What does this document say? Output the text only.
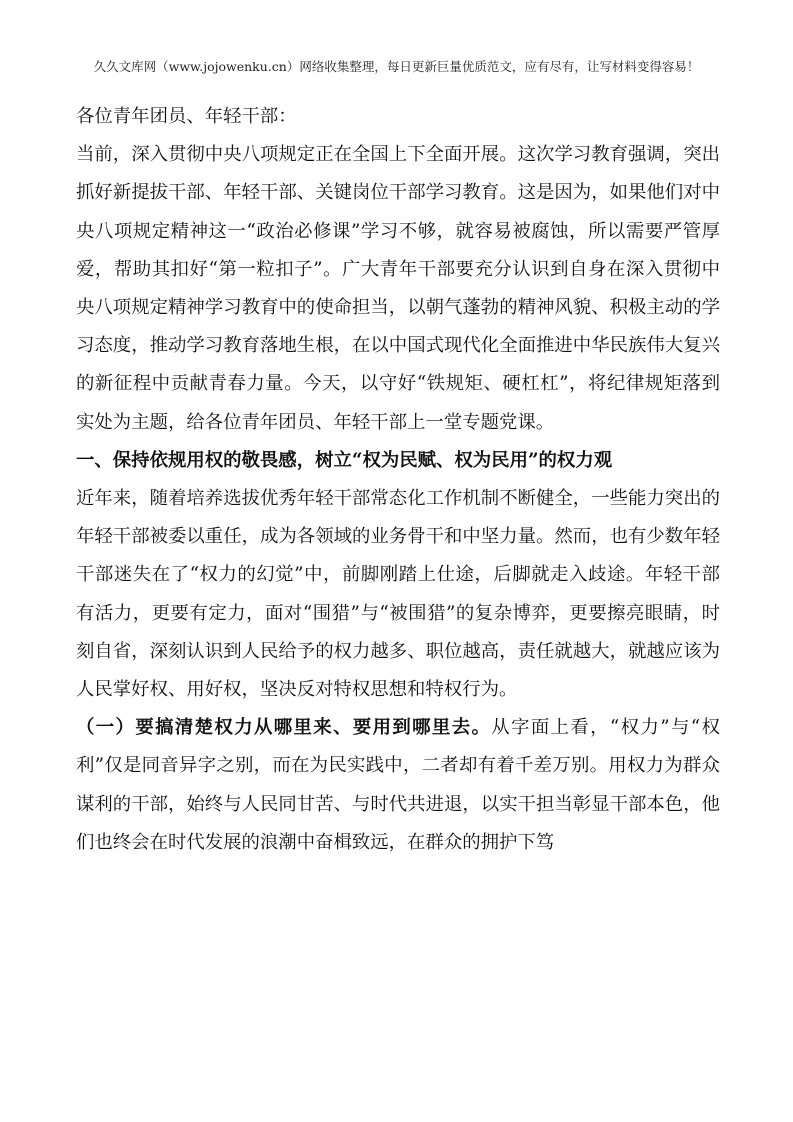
久久文库网（www.jojowenku.cn）网络收集整理，每日更新巨量优质范文，应有尽有，让写材料变得容易！

各位青年团员、年轻干部：

当前，深入贯彻中央八项规定正在全国上下全面开展。这次学习教育强调，突出抓好新提拔干部、年轻干部、关键岗位干部学习教育。这是因为，如果他们对中央八项规定精神这一“政治必修课”学习不够，就容易被腐蚀，所以需要严管厚爱，帮助其扣好“第一粒扣子”。广大青年干部要充分认识到自身在深入贯彻中央八项规定精神学习教育中的使命担当，以朝气蓬勃的精神风貌、积极主动的学习态度，推动学习教育落地生根，在以中国式现代化全面推进中华民族伟大复兴的新征程中贡献青春力量。今天，以守好“铁规矩、硬杠杠”，将纪律规矩落到实处为主题，给各位青年团员、年轻干部上一堂专题党课。

一、保持依规用权的敬畏感，树立“权为民赋、权为民用”的权力观

近年来，随着培养选拔优秀年轻干部常态化工作机制不断健全，一些能力突出的年轻干部被委以重任，成为各领域的业务骨干和中坚力量。然而，也有少数年轻干部迷失在了“权力的幻觉”中，前脚刚踏上仕途，后脚就走入歧途。年轻干部有活力，更要有定力，面对“围猎”与“被围猎”的复杂博弈，更要擦亮眼睛，时刻自省，深刻认识到人民给予的权力越多、职位越高，责任就越大，就越应该为人民掌好权、用好权，坚决反对特权思想和特权行为。

（一）要搞清楚权力从哪里来、要用到哪里去。从字面上看，“权力”与“权利”仅是同音异字之别，而在为民实践中，二者却有着千差万别。用权力为群众谋利的干部，始终与人民同甘苦、与时代共进退，以实干担当彰显干部本色，他们也终会在时代发展的浪潮中奋楫致远，在群众的拥护下笃
